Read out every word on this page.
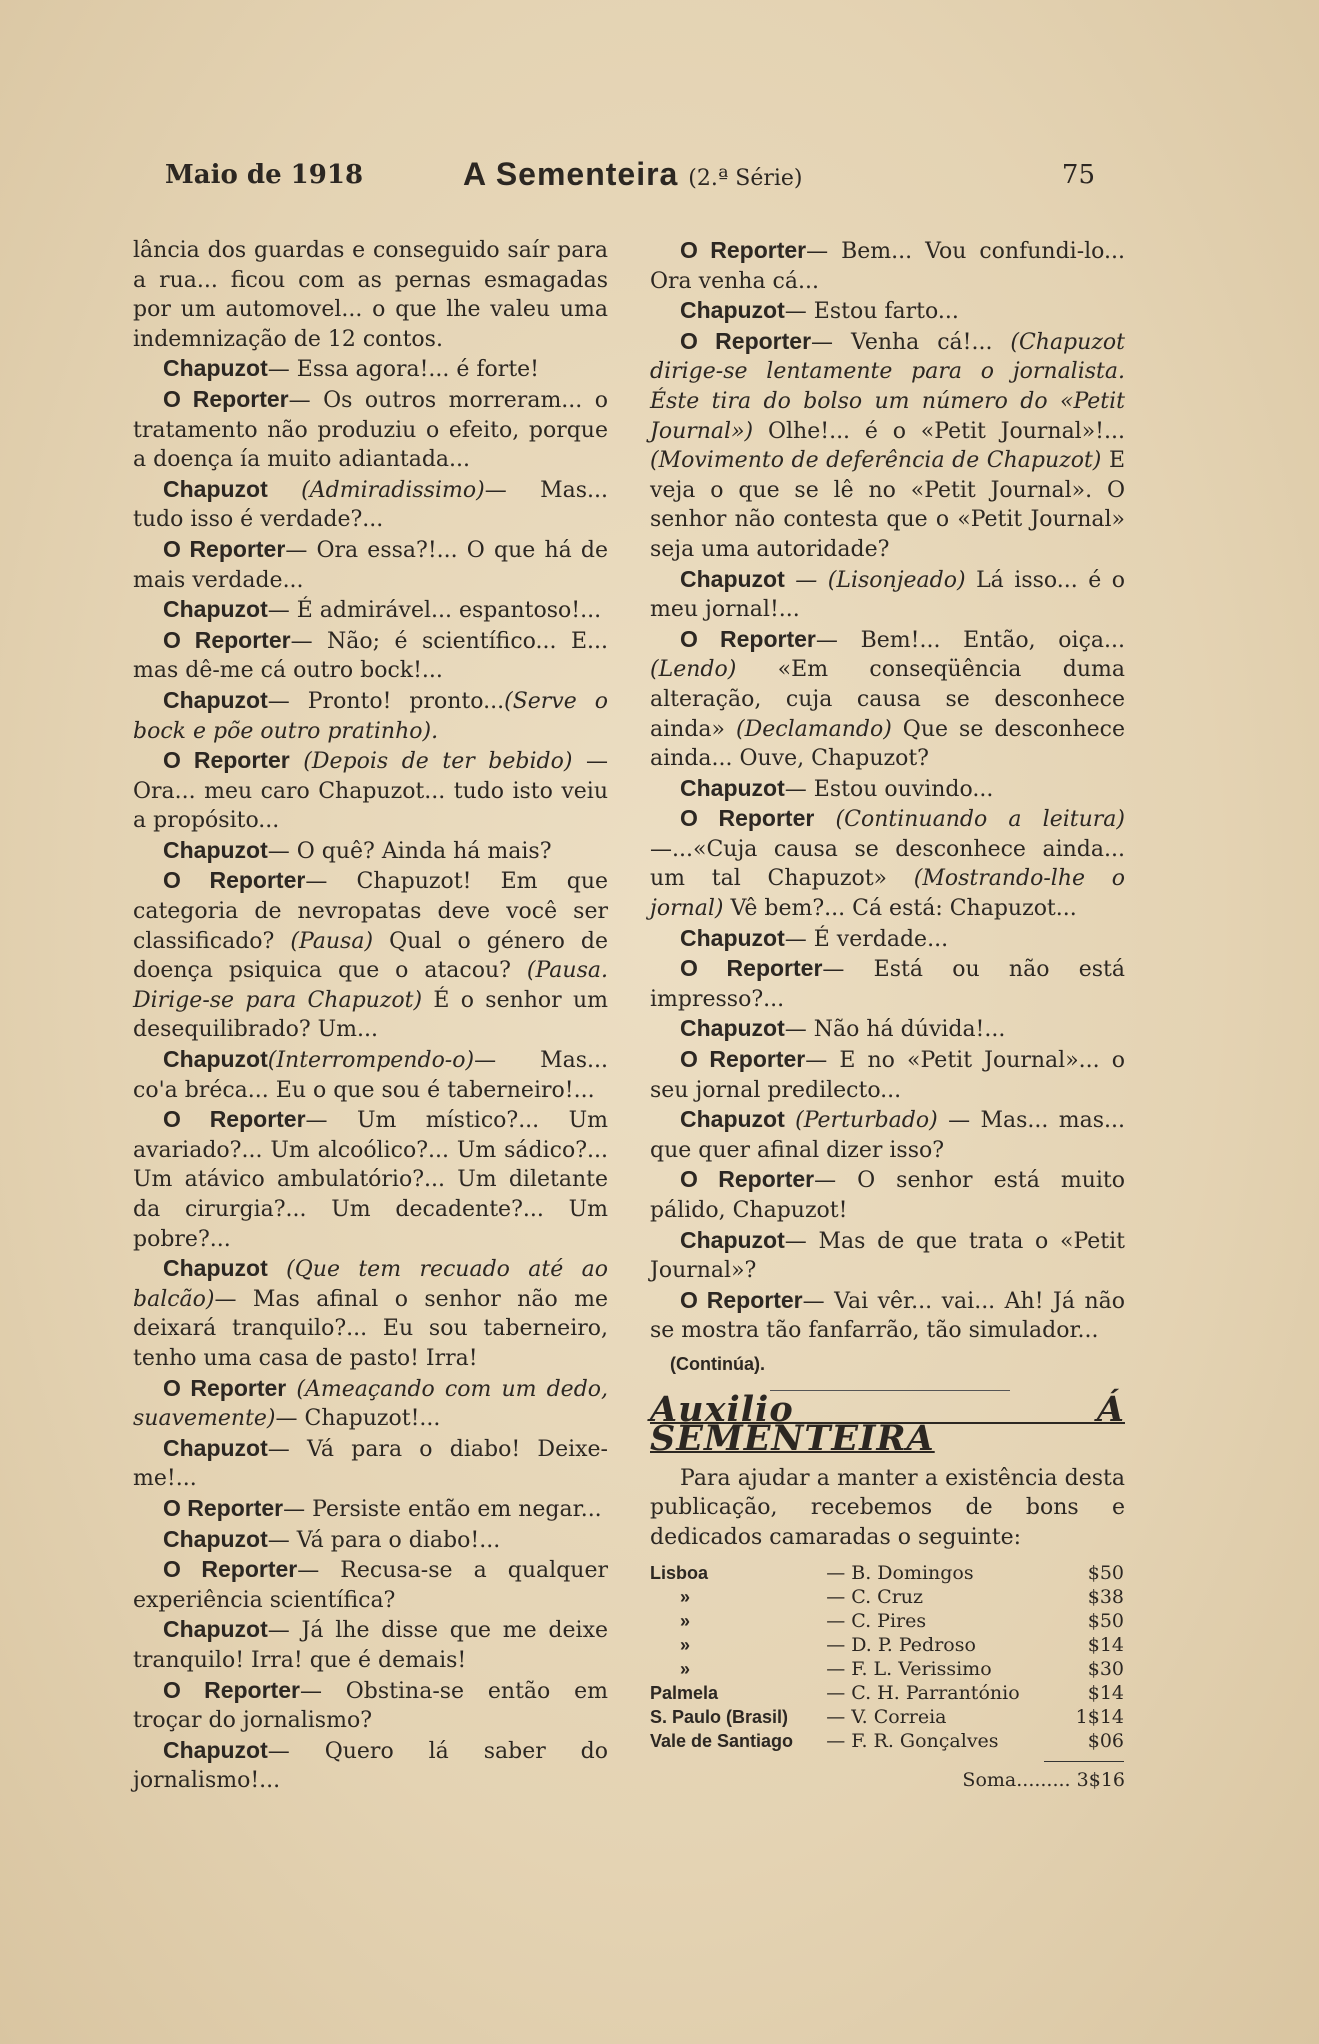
Maio de 1918	A Sementeira (2.ª Série)	75

lância dos guardas e conseguido saír para a rua... ficou com as pernas esmagadas por um automovel... o que lhe valeu uma indemnização de 12 contos.

Chapuzot— Essa agora!... é forte!

O Reporter— Os outros morreram... o tratamento não produziu o efeito, porque a doença ía muito adiantada...

Chapuzot (Admiradissimo)— Mas... tudo isso é verdade?...

O Reporter— Ora essa?!... O que há de mais verdade...

Chapuzot— É admirável... espantoso!...

O Reporter— Não; é scientífico... E... mas dê-me cá outro bock!...

Chapuzot— Pronto! pronto...(Serve o bock e põe outro pratinho).

O Reporter (Depois de ter bebido) — Ora... meu caro Chapuzot... tudo isto veiu a propósito...

Chapuzot— O quê? Ainda há mais?

O Reporter— Chapuzot! Em que categoria de nevropatas deve você ser classificado? (Pausa) Qual o género de doença psiquica que o atacou? (Pausa. Dirige-se para Chapuzot) É o senhor um desequilibrado? Um...

Chapuzot(Interrompendo-o)— Mas... co'a bréca... Eu o que sou é taberneiro!...

O Reporter— Um místico?... Um avariado?... Um alcoólico?... Um sádico?... Um atávico ambulatório?... Um diletante da cirurgia?... Um decadente?... Um pobre?...

Chapuzot (Que tem recuado até ao balcão)— Mas afinal o senhor não me deixará tranquilo?... Eu sou taberneiro, tenho uma casa de pasto! Irra!

O Reporter (Ameaçando com um dedo, suavemente)— Chapuzot!...

Chapuzot— Vá para o diabo! Deixe-me!...

O Reporter— Persiste então em negar...

Chapuzot— Vá para o diabo!...

O Reporter— Recusa-se a qualquer experiência scientífica?

Chapuzot— Já lhe disse que me deixe tranquilo! Irra! que é demais!

O Reporter— Obstina-se então em troçar do jornalismo?

Chapuzot— Quero lá saber do jornalismo!...

O Reporter— Bem... Vou confundi-lo... Ora venha cá...

Chapuzot— Estou farto...

O Reporter— Venha cá!... (Chapuzot dirige-se lentamente para o jornalista. Éste tira do bolso um número do «Petit Journal») Olhe!... é o «Petit Journal»!... (Movimento de deferência de Chapuzot) E veja o que se lê no «Petit Journal». O senhor não contesta que o «Petit Journal» seja uma autoridade?

Chapuzot — (Lisonjeado) Lá isso... é o meu jornal!...

O Reporter— Bem!... Então, oiça... (Lendo) «Em conseqüência duma alteração, cuja causa se desconhece ainda» (Declamando) Que se desconhece ainda... Ouve, Chapuzot?

Chapuzot— Estou ouvindo...

O Reporter (Continuando a leitura) —...«Cuja causa se desconhece ainda... um tal Chapuzot» (Mostrando-lhe o jornal) Vê bem?... Cá está: Chapuzot...

Chapuzot— É verdade...

O Reporter— Está ou não está impresso?...

Chapuzot— Não há dúvida!...

O Reporter— E no «Petit Journal»... o seu jornal predilecto...

Chapuzot (Perturbado) — Mas... mas... que quer afinal dizer isso?

O Reporter— O senhor está muito pálido, Chapuzot!

Chapuzot— Mas de que trata o «Petit Journal»?

O Reporter— Vai vêr... vai... Ah! Já não se mostra tão fanfarrão, tão simulador...

(Continúa).

Auxilio Á SEMENTEIRA

Para ajudar a manter a existência desta publicação, recebemos de bons e dedicados camaradas o seguinte:

Lisboa	— B. Domingos	$50
»	— C. Cruz	$38
»	— C. Pires	$50
»	— D. P. Pedroso	$14
»	— F. L. Verissimo	$30
Palmela	— C. H. Parrantónio	$14
S. Paulo (Brasil)	— V. Correia	1$14
Vale de Santiago	— F. R. Gonçalves	$06
Soma......... 3$16
